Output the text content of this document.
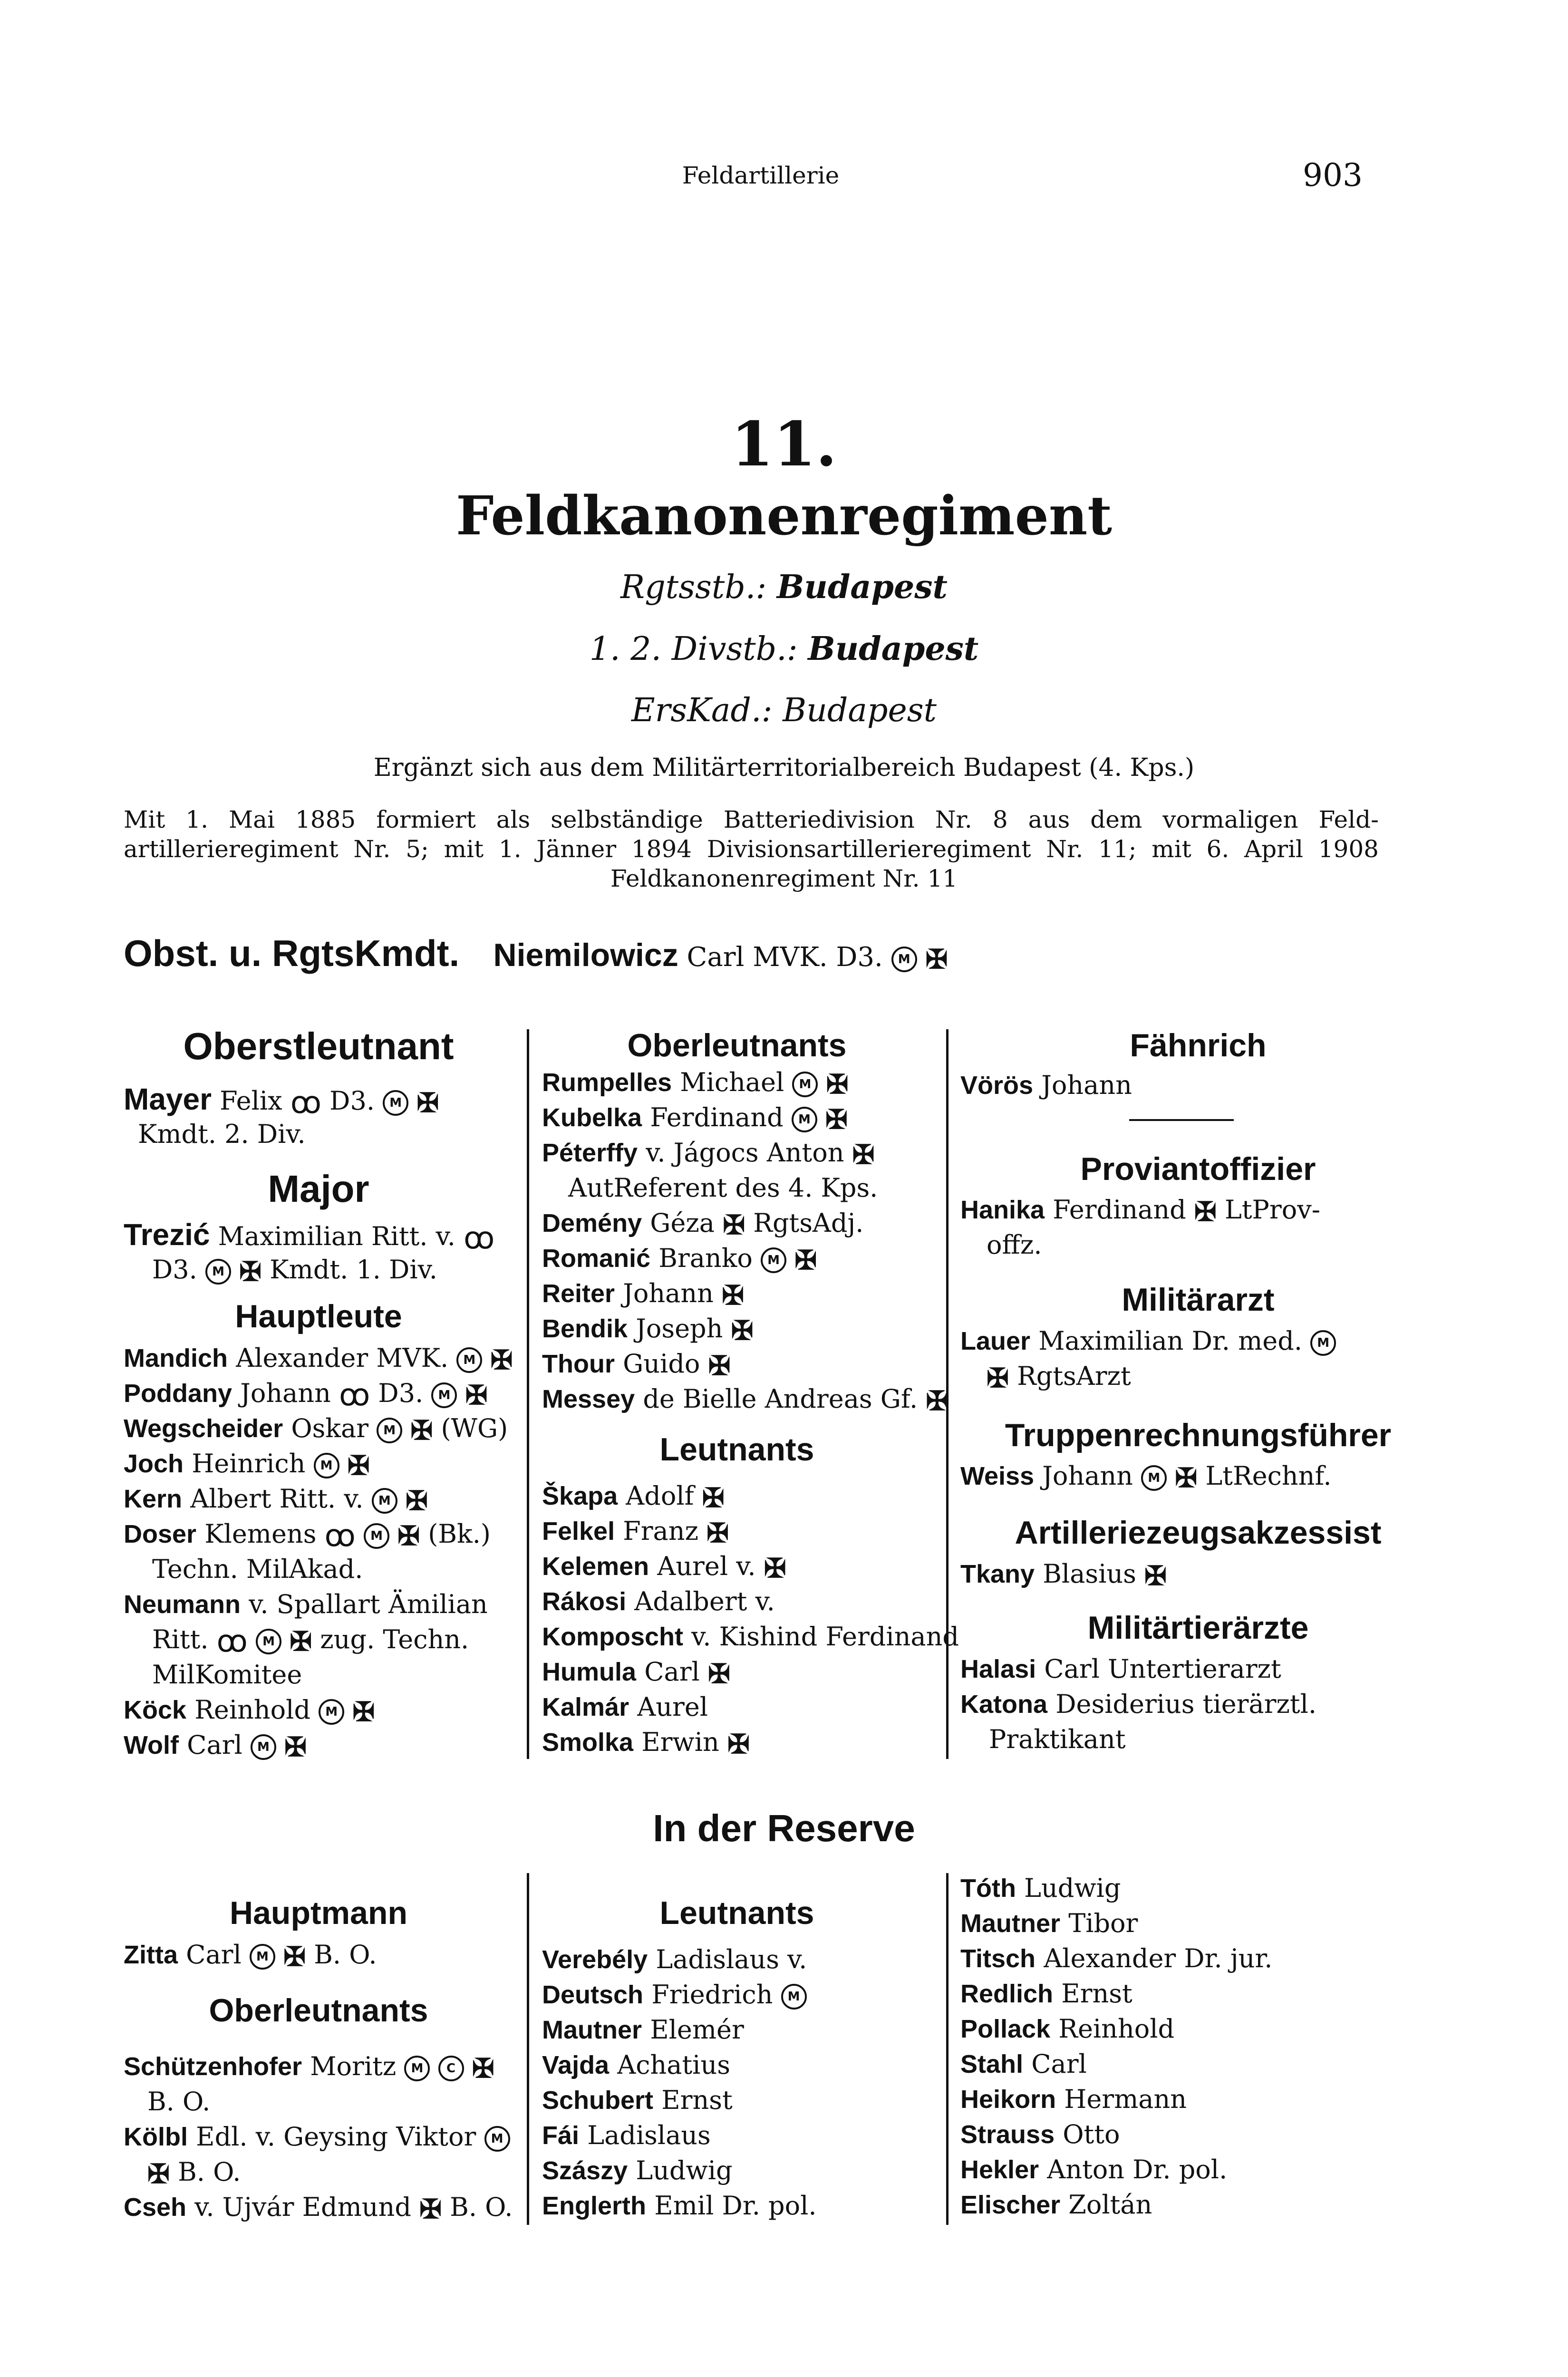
Feldartillerie	903
11.
Feldkanonenregiment
Rgtsstb.: Budapest
1. 2. Divstb.: Budapest
ErsKad.: Budapest
Ergänzt sich aus dem Militärterritorialbereich Budapest (4. Kps.)
Mit 1. Mai 1885 formiert als selbständige Batteriedivision Nr. 8 aus dem vormaligen Feld-
artillerieregiment Nr. 5; mit 1. Jänner 1894 Divisionsartillerieregiment Nr. 11; mit 6. April 1908
Feldkanonenregiment Nr. 11
Obst. u. RgtsKmdt. Niemilowicz Carl MVK. D3. M ✠
Oberstleutnant
Mayer Felix ꝏ D3. M ✠
Kmdt. 2. Div.
Major
Trezić Maximilian Ritt. v. ꝏ
D3. M ✠ Kmdt. 1. Div.
Hauptleute
Mandich Alexander MVK. M ✠
Poddany Johann ꝏ D3. M ✠
Wegscheider Oskar M ✠ (WG)
Joch Heinrich M ✠
Kern Albert Ritt. v. M ✠
Doser Klemens ꝏ M ✠ (Bk.)
Techn. MilAkad.
Neumann v. Spallart Ämilian
Ritt. ꝏ M ✠ zug. Techn.
MilKomitee
Köck Reinhold M ✠
Wolf Carl M ✠
Oberleutnants
Rumpelles Michael M ✠
Kubelka Ferdinand M ✠
Péterffy v. Jágocs Anton ✠
AutReferent des 4. Kps.
Demény Géza ✠ RgtsAdj.
Romanić Branko M ✠
Reiter Johann ✠
Bendik Joseph ✠
Thour Guido ✠
Messey de Bielle Andreas Gf. ✠
Leutnants
Škapa Adolf ✠
Felkel Franz ✠
Kelemen Aurel v. ✠
Rákosi Adalbert v.
Komposcht v. Kishind Ferdinand
Humula Carl ✠
Kalmár Aurel
Smolka Erwin ✠
Fähnrich
Vörös Johann
Proviantoffizier
Hanika Ferdinand ✠ LtProv-
offz.
Militärarzt
Lauer Maximilian Dr. med. M
✠ RgtsArzt
Truppenrechnungsführer
Weiss Johann M ✠ LtRechnf.
Artilleriezeugsakzessist
Tkany Blasius ✠
Militärtierärzte
Halasi Carl Untertierarzt
Katona Desiderius tierärztl.
Praktikant
In der Reserve
Hauptmann
Zitta Carl M ✠ B. O.
Oberleutnants
Schützenhofer Moritz M C ✠
B. O.
Kölbl Edl. v. Geysing Viktor M
✠ B. O.
Cseh v. Ujvár Edmund ✠ B. O.
Leutnants
Verebély Ladislaus v.
Deutsch Friedrich M
Mautner Elemér
Vajda Achatius
Schubert Ernst
Fái Ladislaus
Szászy Ludwig
Englerth Emil Dr. pol.
Tóth Ludwig
Mautner Tibor
Titsch Alexander Dr. jur.
Redlich Ernst
Pollack Reinhold
Stahl Carl
Heikorn Hermann
Strauss Otto
Hekler Anton Dr. pol.
Elischer Zoltán
